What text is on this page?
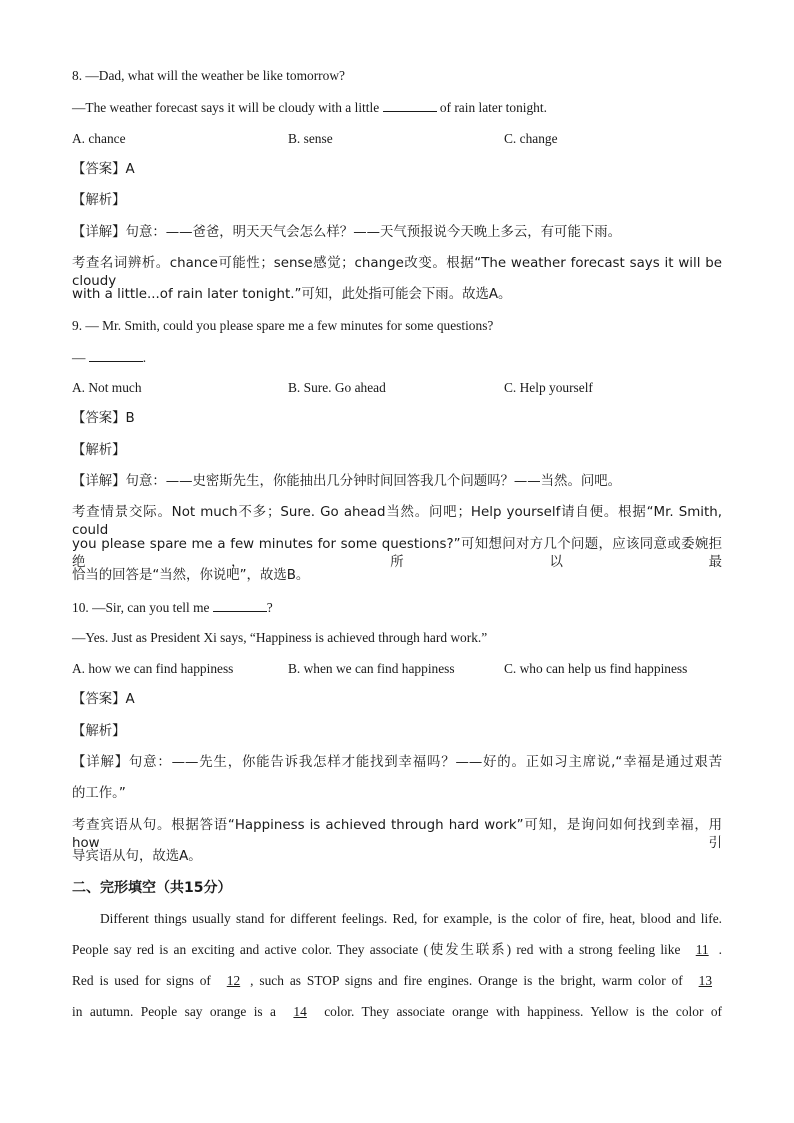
8. —Dad, what will the weather be like tomorrow?
—The weather forecast says it will be cloudy with a little	of rain later tonight.
A. chance	B. sense	C. change
【答案】A
【解析】
【详解】句意：——爸爸，明天天气会怎么样？——天气预报说今天晚上多云，有可能下雨。
考查名词辨析。chance可能性；sense感觉；change改变。根据“The weather forecast says it will be cloudy
with a little...of rain later tonight.”可知，此处指可能会下雨。故选A。
9. — Mr. Smith, could you please spare me a few minutes for some questions?
—	.
A. Not much	B. Sure. Go ahead	C. Help yourself
【答案】B
【解析】
【详解】句意：——史密斯先生，你能抽出几分钟时间回答我几个问题吗？——当然。问吧。
考查情景交际。Not much不多；Sure. Go ahead当然。问吧；Help yourself请自便。根据“Mr. Smith, could
you please spare me a few minutes for some questions?”可知想问对方几个问题，应该同意或委婉拒绝，所以最
恰当的回答是“当然，你说吧”，故选B。
10. —Sir, can you tell me	?
—Yes. Just as President Xi says, “Happiness is achieved through hard work.”
A. how we can find happiness	B. when we can find happiness	C. who can help us find happiness
【答案】A
【解析】
【详解】句意：——先生，你能告诉我怎样才能找到幸福吗？——好的。正如习主席说,“幸福是通过艰苦
的工作。”
考查宾语从句。根据答语“Happiness is achieved through hard work”可知，是询问如何找到幸福，用how引
导宾语从句，故选A。
二、完形填空（共15分）
Different things usually stand for different feelings. Red, for example, is the color of fire, heat, blood and life.
People say red is an exciting and active color. They associate (使发生联系) red with a strong feeling like 11 .
Red is used for signs of 12 , such as STOP signs and fire engines. Orange is the bright, warm color of 13
in autumn. People say orange is a 14 color. They associate orange with happiness. Yellow is the color of
